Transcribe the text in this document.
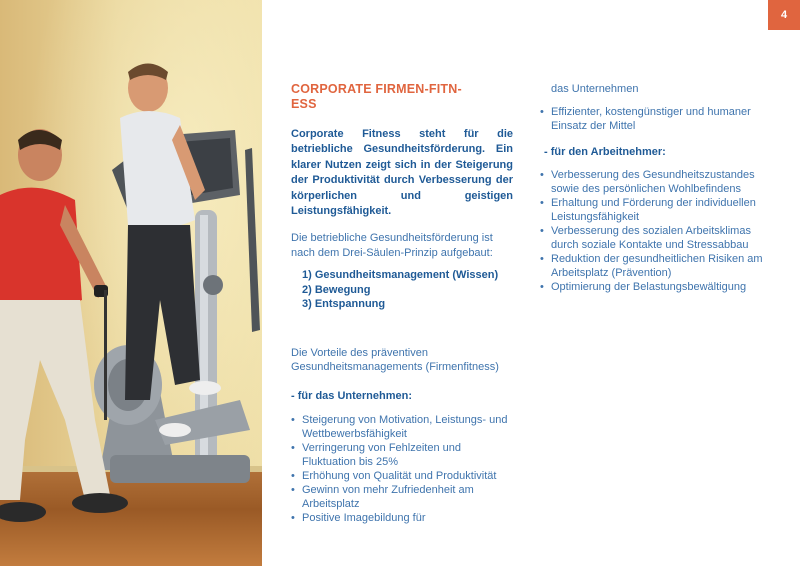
4
CORPORATE FIRMEN-FITN-
ESS

Corporate Fitness steht für die betriebliche Gesundheitsförderung. Ein klarer Nutzen zeigt sich in der Steigerung der Produktivität durch Verbesserung der körperlichen und geistigen Leistungsfähigkeit.

Die betriebliche Gesundheitsförderung ist nach dem Drei-Säulen-Prinzip aufgebaut:

1) Gesundheitsmanagement (Wissen)
2) Bewegung
3) Entspannung

Die Vorteile des präventiven Gesundheitsmanagements (Firmenfitness)

- für das Unternehmen:

• Steigerung von Motivation, Leistungs- und Wettbewerbsfähigkeit
• Verringerung von Fehlzeiten und Fluktuation bis 25%
• Erhöhung von Qualität und Produktivität
• Gewinn von mehr Zufriedenheit am Arbeitsplatz
• Positive Imagebildung für
das Unternehmen
• Effizienter, kostengünstiger und humaner Einsatz der Mittel

- für den Arbeitnehmer:

• Verbesserung des Gesundheitszustandes sowie des persönlichen Wohlbefindens
• Erhaltung und Förderung der individuellen Leistungsfähigkeit
• Verbesserung des sozialen Arbeitsklimas durch soziale Kontakte und Stressabbau
• Reduktion der gesundheitlichen Risiken am Arbeitsplatz (Prävention)
• Optimierung der Belastungsbewältigung
